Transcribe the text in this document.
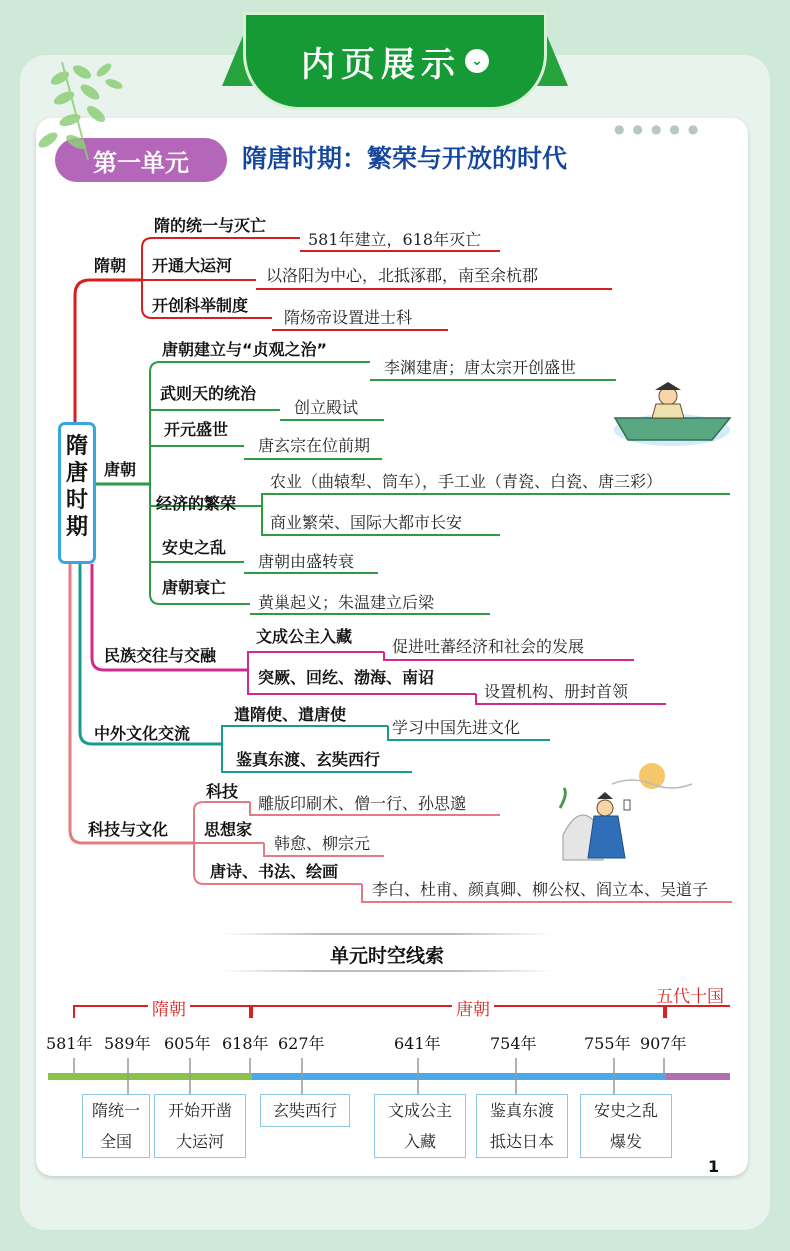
●●●●●
内页展示 ⌄
第一单元	隋唐时期：繁荣与开放的时代
隋唐时期
隋朝
隋的统一与灭亡
581年建立，618年灭亡
开通大运河
以洛阳为中心，北抵涿郡，南至余杭郡
开创科举制度
隋炀帝设置进士科
唐朝
唐朝建立与“贞观之治”
李渊建唐；唐太宗开创盛世
武则天的统治
创立殿试
开元盛世
唐玄宗在位前期
经济的繁荣
农业（曲辕犁、筒车），手工业（青瓷、白瓷、唐三彩）
商业繁荣、国际大都市长安
安史之乱
唐朝由盛转衰
唐朝衰亡
黄巢起义；朱温建立后梁
民族交往与交融
文成公主入藏
促进吐蕃经济和社会的发展
突厥、回纥、渤海、南诏
设置机构、册封首领
中外文化交流
遣隋使、遣唐使
学习中国先进文化
鉴真东渡、玄奘西行
科技与文化
科技
雕版印刷术、僧一行、孙思邈
思想家
韩愈、柳宗元
唐诗、书法、绘画
李白、杜甫、颜真卿、柳公权、阎立本、吴道子
单元时空线索
隋朝	唐朝
五代十国
581年 589年 605年 618年 627年	641年	754年	755年 907年
隋统一
全国
开始开凿
大运河
玄奘西行	文成公主
入藏
鉴真东渡
抵达日本
安史之乱
爆发
1
